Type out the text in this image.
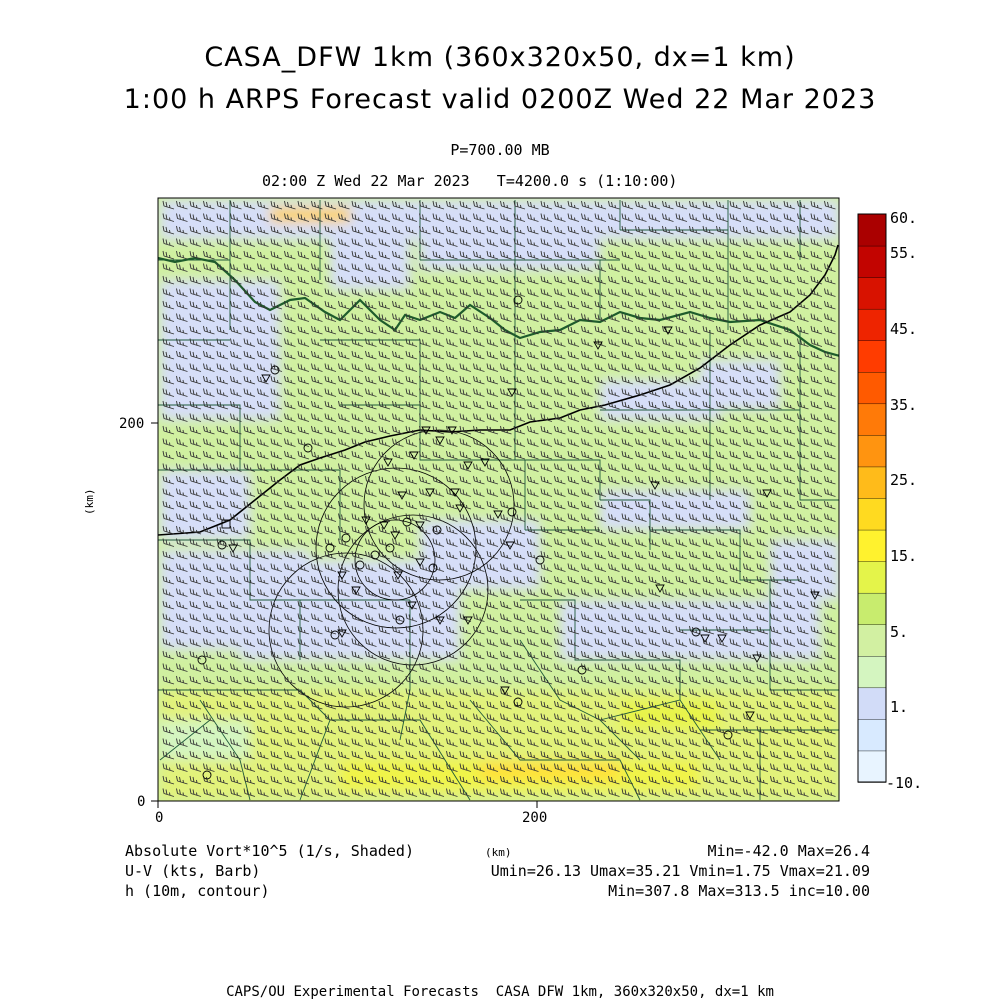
CASA_DFW 1km (360x320x50, dx=1 km)
1:00 h ARPS Forecast valid 0200Z Wed 22 Mar 2023
P=700.00 MB
02:00 Z Wed 22 Mar 2023   T=4200.0 s (1:10:00)
0	200
0
200
(km)
(km)
60.
55.
45.
35.
25.
15.
5.
1.
-10.
Absolute Vort*10^5 (1/s, Shaded)
U-V (kts, Barb)
h (10m, contour)
Min=-42.0 Max=26.4
Umin=26.13 Umax=35.21 Vmin=1.75 Vmax=21.09
Min=307.8 Max=313.5 inc=10.00
CAPS/OU Experimental Forecasts  CASA DFW 1km, 360x320x50, dx=1 km
